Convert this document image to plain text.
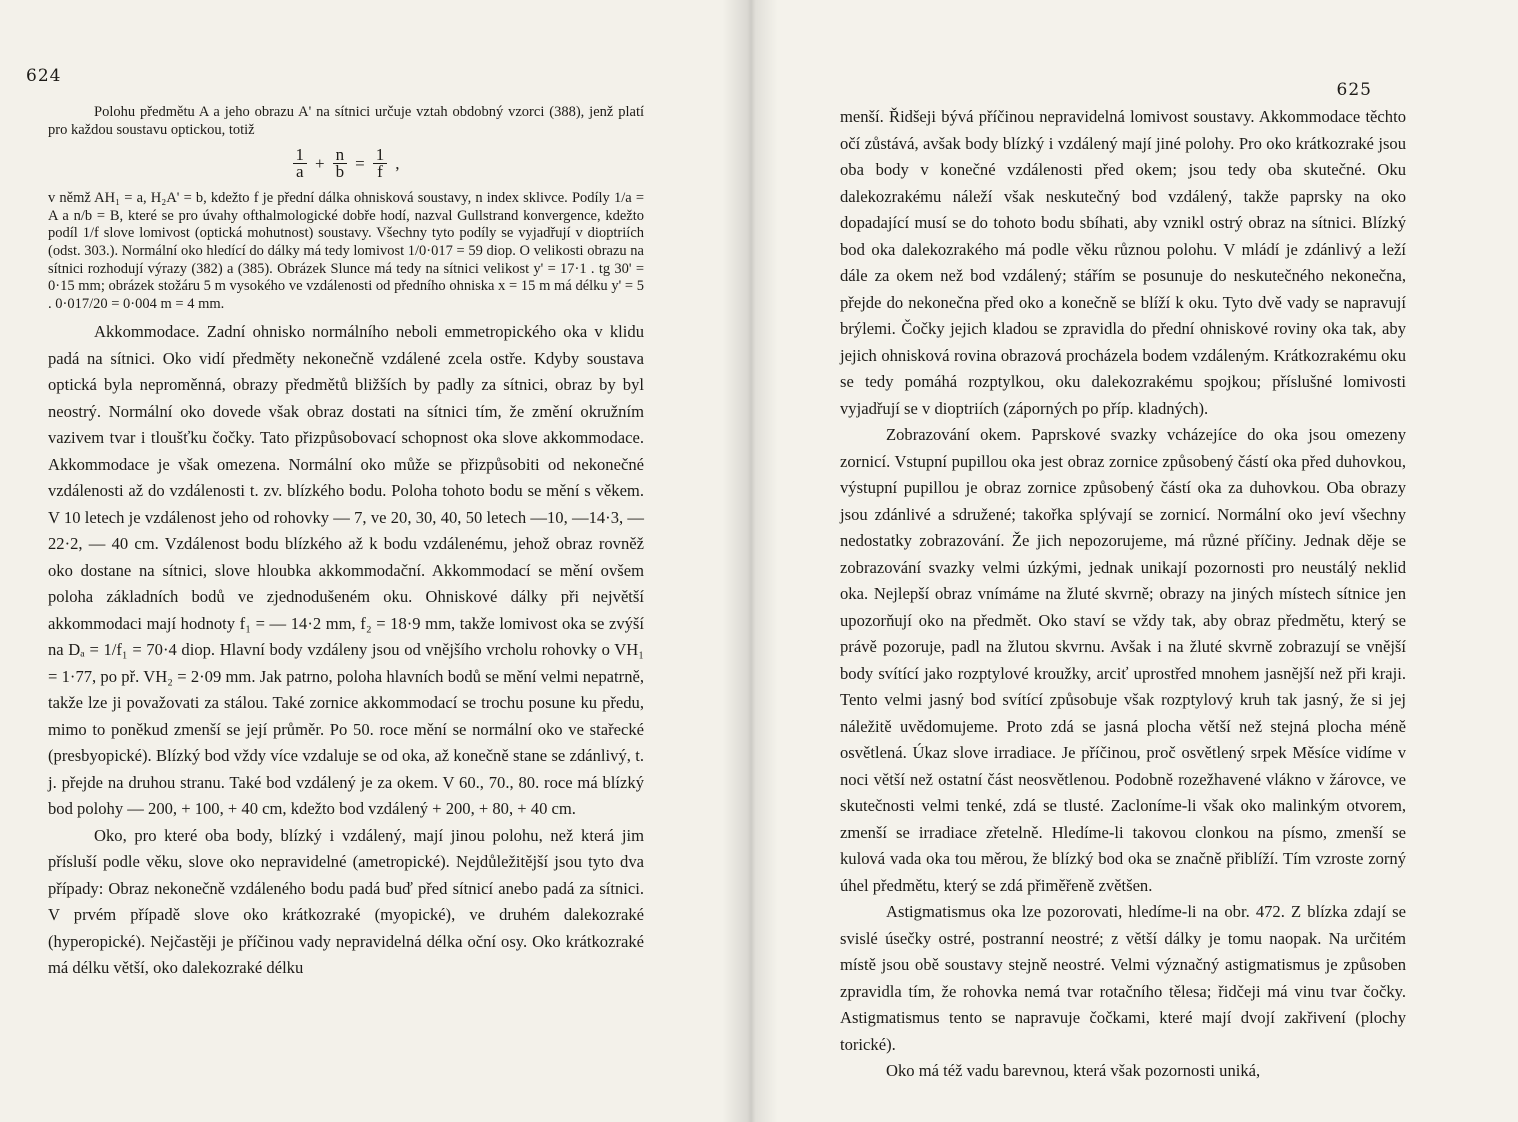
624

Polohu předmětu A a jeho obrazu A' na sítnici určuje vztah obdobný vzorci (388), jenž platí pro každou soustavu optickou, totiž

$\frac{1}{a} + \frac{n}{b} = \frac{1}{f}$ ,

v němž AH₁ = a, H₂A' = b, kdežto f je přední dálka ohnisková soustavy, n index sklivce. Podíly 1/a = A a n/b = B, které se pro úvahy ofthalmologické dobře hodí, nazval Gullstrand konvergence, kdežto podíl 1/f slove lomivost (optická mohutnost) soustavy. Všechny tyto podíly se vyjadřují v dioptriích (odst. 303.). Normální oko hledící do dálky má tedy lomivost 1/0·017 = 59 diop. O velikosti obrazu na sítnici rozhodují výrazy (382) a (385). Obrázek Slunce má tedy na sítnici velikost y' = 17·1 . tg 30' = 0·15 mm; obrázek stožáru 5 m vysokého ve vzdálenosti od předního ohniska x = 15 m má délku y' = 5 . 0·017/20 = 0·004 m = 4 mm.

Akkommodace. Zadní ohnisko normálního neboli emmetropického oka v klidu padá na sítnici. Oko vidí předměty nekonečně vzdálené zcela ostře. Kdyby soustava optická byla neproměnná, obrazy předmětů bližších by padly za sítnici, obraz by byl neostrý. Normální oko dovede však obraz dostati na sítnici tím, že změní okružním vazivem tvar i tloušťku čočky. Tato přizpůsobovací schopnost oka slove akkommodace. Akkommodace je však omezena. Normální oko může se přizpůsobiti od nekonečné vzdálenosti až do vzdálenosti t. zv. blízkého bodu. Poloha tohoto bodu se mění s věkem. V 10 letech je vzdálenost jeho od rohovky — 7, ve 20, 30, 40, 50 letech —10, —14·3, —22·2, — 40 cm. Vzdálenost bodu blízkého až k bodu vzdálenému, jehož obraz rovněž oko dostane na sítnici, slove hloubka akkommodační. Akkommodací se mění ovšem poloha základních bodů ve zjednodušeném oku. Ohniskové dálky při největší akkommodaci mají hodnoty f₁ = — 14·2 mm, f₂ = 18·9 mm, takže lomivost oka se zvýší na Dₐ = 1/f₁ = 70·4 diop. Hlavní body vzdáleny jsou od vnějšího vrcholu rohovky o VH₁ = 1·77, po př. VH₂ = 2·09 mm. Jak patrno, poloha hlavních bodů se mění velmi nepatrně, takže lze ji považovati za stálou. Také zornice akkommodací se trochu posune ku předu, mimo to poněkud zmenší se její průměr. Po 50. roce mění se normální oko ve stařecké (presbyopické). Blízký bod vždy více vzdaluje se od oka, až konečně stane se zdánlivý, t. j. přejde na druhou stranu. Také bod vzdálený je za okem. V 60., 70., 80. roce má blízký bod polohy — 200, + 100, + 40 cm, kdežto bod vzdálený + 200, + 80, + 40 cm.

Oko, pro které oba body, blízký i vzdálený, mají jinou polohu, než která jim přísluší podle věku, slove oko nepravidelné (ametropické). Nejdůležitější jsou tyto dva případy: Obraz nekonečně vzdáleného bodu padá buď před sítnicí anebo padá za sítnici. V prvém případě slove oko krátkozraké (myopické), ve druhém dalekozraké (hyperopické). Nejčastěji je příčinou vady nepravidelná délka oční osy. Oko krátkozraké má délku větší, oko dalekozraké délku

625

menší. Řidšeji bývá příčinou nepravidelná lomivost soustavy. Akkommodace těchto očí zůstává, avšak body blízký i vzdálený mají jiné polohy. Pro oko krátkozraké jsou oba body v konečné vzdálenosti před okem; jsou tedy oba skutečné. Oku dalekozrakému náleží však neskutečný bod vzdálený, takže paprsky na oko dopadající musí se do tohoto bodu sbíhati, aby vznikl ostrý obraz na sítnici. Blízký bod oka dalekozrakého má podle věku různou polohu. V mládí je zdánlivý a leží dále za okem než bod vzdálený; stářím se posunuje do neskutečného nekonečna, přejde do nekonečna před oko a konečně se blíží k oku. Tyto dvě vady se napravují brýlemi. Čočky jejich kladou se zpravidla do přední ohniskové roviny oka tak, aby jejich ohnisková rovina obrazová procházela bodem vzdáleným. Krátkozrakému oku se tedy pomáhá rozptylkou, oku dalekozrakému spojkou; příslušné lomivosti vyjadřují se v dioptriích (záporných po příp. kladných).

Zobrazování okem. Paprskové svazky vcházejíce do oka jsou omezeny zornicí. Vstupní pupillou oka jest obraz zornice způsobený částí oka před duhovkou, výstupní pupillou je obraz zornice způsobený částí oka za duhovkou. Oba obrazy jsou zdánlivé a sdružené; takořka splývají se zornicí. Normální oko jeví všechny nedostatky zobrazování. Že jich nepozorujeme, má různé příčiny. Jednak děje se zobrazování svazky velmi úzkými, jednak unikají pozornosti pro neustálý neklid oka. Nejlepší obraz vnímáme na žluté skvrně; obrazy na jiných místech sítnice jen upozorňují oko na předmět. Oko staví se vždy tak, aby obraz předmětu, který se právě pozoruje, padl na žlutou skvrnu. Avšak i na žluté skvrně zobrazují se vnější body svítící jako rozptylové kroužky, arciť uprostřed mnohem jasnější než při kraji. Tento velmi jasný bod svítící způsobuje však rozptylový kruh tak jasný, že si jej náležitě uvědomujeme. Proto zdá se jasná plocha větší než stejná plocha méně osvětlená. Úkaz slove irradiace. Je příčinou, proč osvětlený srpek Měsíce vidíme v noci větší než ostatní část neosvětlenou. Podobně rozežhavené vlákno v žárovce, ve skutečnosti velmi tenké, zdá se tlusté. Zacloníme-li však oko malinkým otvorem, zmenší se irradiace zřetelně. Hledíme-li takovou clonkou na písmo, zmenší se kulová vada oka tou měrou, že blízký bod oka se značně přiblíží. Tím vzroste zorný úhel předmětu, který se zdá přiměřeně zvětšen.

Astigmatismus oka lze pozorovati, hledíme-li na obr. 472. Z blízka zdají se svislé úsečky ostré, postranní neostré; z větší dálky je tomu naopak. Na určitém místě jsou obě soustavy stejně neostré. Velmi význačný astigmatismus je způsoben zpravidla tím, že rohovka nemá tvar rotačního tělesa; řidčeji má vinu tvar čočky. Astigmatismus tento se napravuje čočkami, které mají dvojí zakřivení (plochy torické).

Oko má též vadu barevnou, která však pozornosti uniká,
